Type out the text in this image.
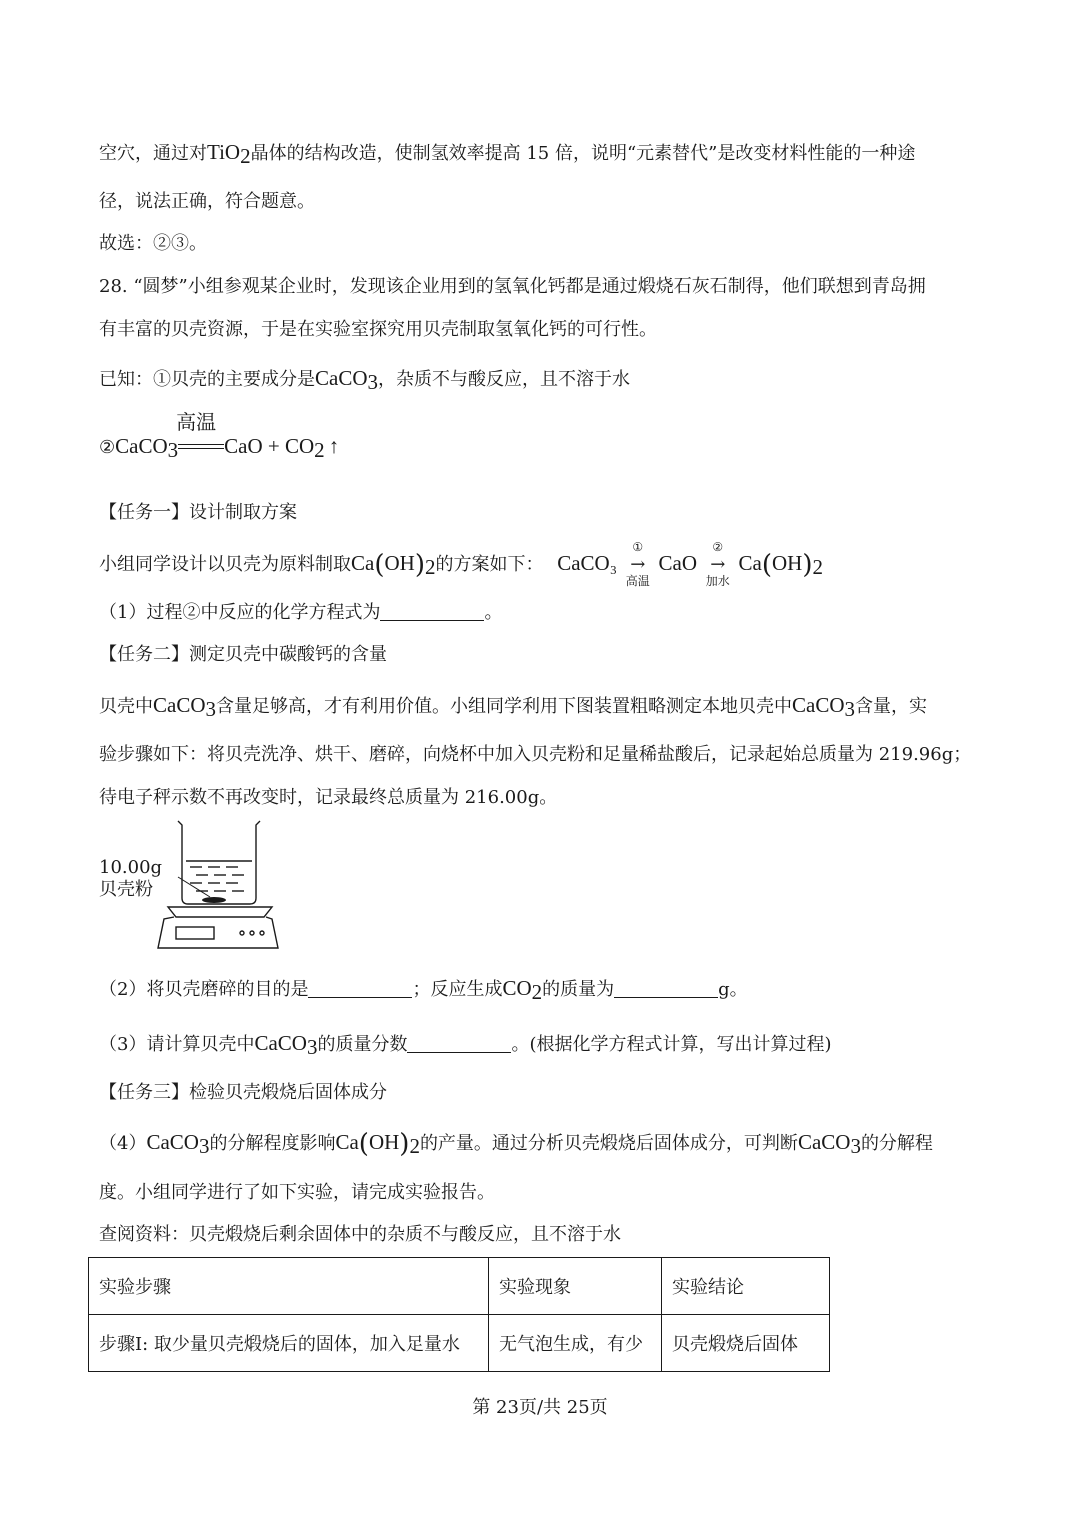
空穴，通过对TiO$_2$晶体的结构改造，使制氢效率提高 15 倍，说明“元素替代”是改变材料性能的一种途
径，说法正确，符合题意。
故选：②③。
28. “圆梦”小组参观某企业时，发现该企业用到的氢氧化钙都是通过煅烧石灰石制得，他们联想到青岛拥
有丰富的贝壳资源，于是在实验室探究用贝壳制取氢氧化钙的可行性。
已知：①贝壳的主要成分是CaCO$_3$，杂质不与酸反应，且不溶于水
②CaCO$_3$
高温
CaO + $CO_2$ ↑
【任务一】设计制取方案
小组同学设计以贝壳为原料制取$Ca(OH)_2$的方案如下： CaCO₃
①
→
高温
CaO
②
→
加水
$Ca(OH)_2$
（1）过程②中反应的化学方程式为	。
【任务二】测定贝壳中碳酸钙的含量
贝壳中CaCO$_3$含量足够高，才有利用价值。小组同学利用下图装置粗略测定本地贝壳中CaCO$_3$含量，实
验步骤如下：将贝壳洗净、烘干、磨碎，向烧杯中加入贝壳粉和足量稀盐酸后，记录起始总质量为 219.96g；
待电子秤示数不再改变时，记录最终总质量为 216.00g。
10.00g
贝壳粉
（2）将贝壳磨碎的目的是	；反应生成$CO_2$的质量为	g。
（3）请计算贝壳中CaCO$_3$的质量分数	。(根据化学方程式计算，写出计算过程)
【任务三】检验贝壳煅烧后固体成分
（4）CaCO$_3$的分解程度影响$Ca(OH)_2$的产量。通过分析贝壳煅烧后固体成分，可判断CaCO$_3$的分解程
度。小组同学进行了如下实验，请完成实验报告。
查阅资料：贝壳煅烧后剩余固体中的杂质不与酸反应，且不溶于水
实验步骤	实验现象	实验结论
步骤Ⅰ: 取少量贝壳煅烧后的固体，加入足量水	无气泡生成，有少	贝壳煅烧后固体
第 23页/共 25页
